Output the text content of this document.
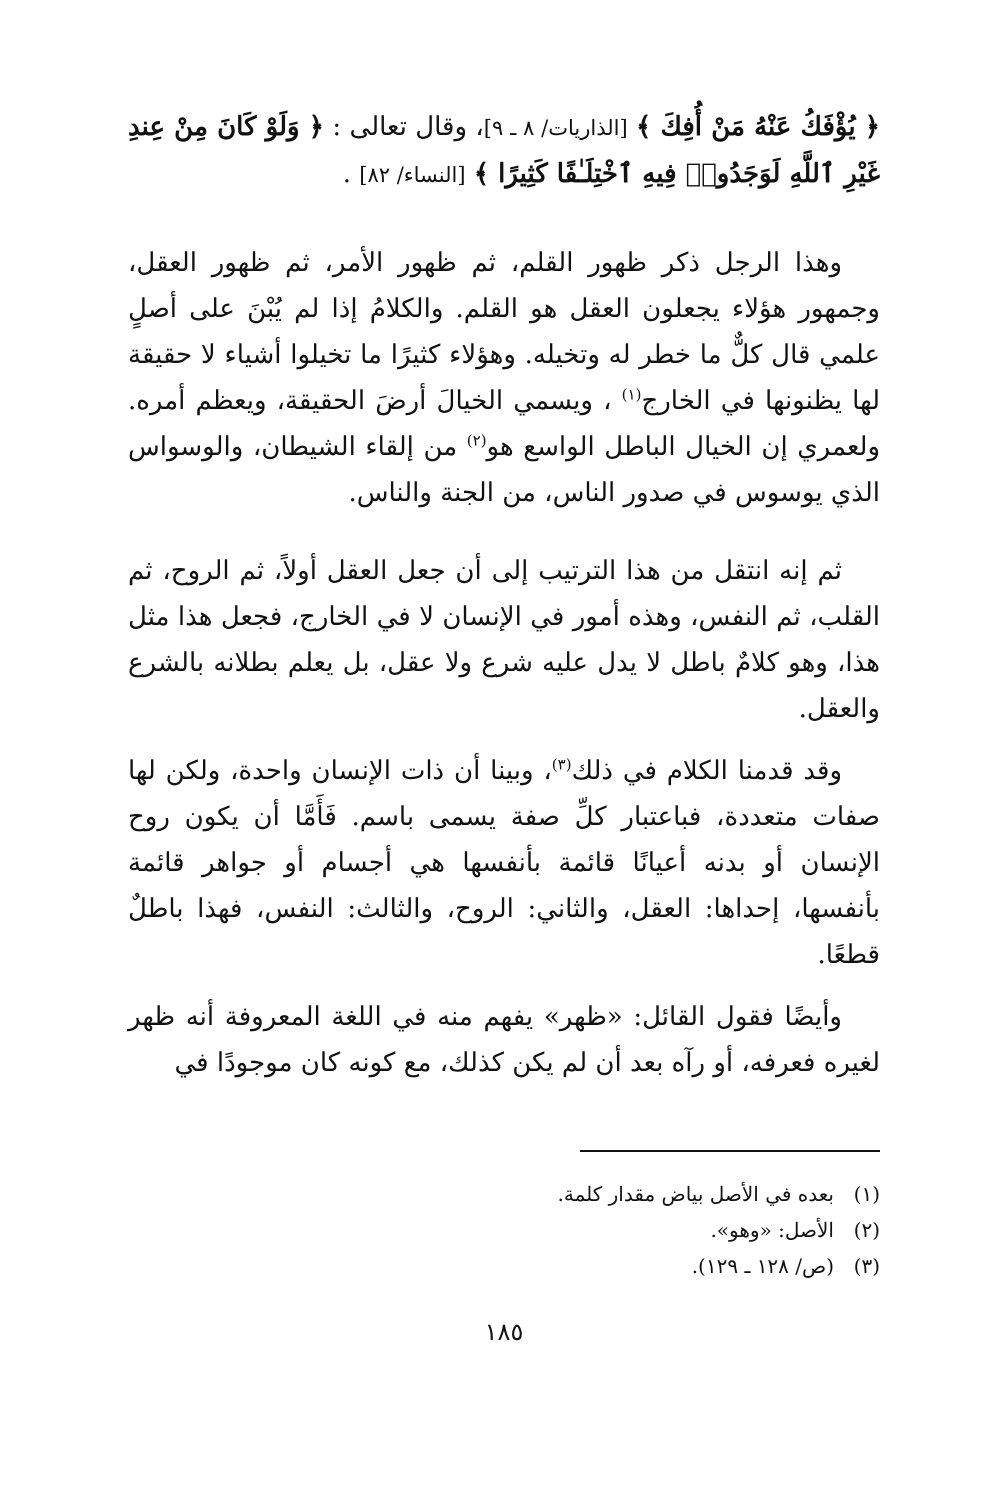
﴿ يُؤْفَكُ عَنْهُ مَنْ أُفِكَ ﴾ [الذاريات/ ٨ ـ ٩]، وقال تعالى : ﴿ وَلَوْ كَانَ مِنْ عِندِ غَيْرِ ٱللَّهِ لَوَجَدُوا۟ فِيهِ ٱخْتِلَـٰفًا كَثِيرًا ﴾ [النساء/ ٨٢] .

وهذا الرجل ذكر ظهور القلم، ثم ظهور الأمر، ثم ظهور العقل، وجمهور هؤلاء يجعلون العقل هو القلم. والكلامُ إذا لم يُبْنَ على أصلٍ علمي قال كلٌّ ما خطر له وتخيله. وهؤلاء كثيرًا ما تخيلوا أشياء لا حقيقة لها يظنونها في الخارج$^{(١)}$ ، ويسمي الخيالَ أرضَ الحقيقة، ويعظم أمره. ولعمري إن الخيال الباطل الواسع هو$^{(٢)}$ من إلقاء الشيطان، والوسواس الذي يوسوس في صدور الناس، من الجنة والناس.

ثم إنه انتقل من هذا الترتيب إلى أن جعل العقل أولاً، ثم الروح، ثم القلب، ثم النفس، وهذه أمور في الإنسان لا في الخارج، فجعل هذا مثل هذا، وهو كلامٌ باطل لا يدل عليه شرع ولا عقل، بل يعلم بطلانه بالشرع والعقل.

وقد قدمنا الكلام في ذلك$^{(٣)}$، وبينا أن ذات الإنسان واحدة، ولكن لها صفات متعددة، فباعتبار كلِّ صفة يسمى باسم. فَأَمَّا أن يكون روح الإنسان أو بدنه أعيانًا قائمة بأنفسها هي أجسام أو جواهر قائمة بأنفسها، إحداها: العقل، والثاني: الروح، والثالث: النفس، فهذا باطلٌ قطعًا.

وأيضًا فقول القائل: «ظهر» يفهم منه في اللغة المعروفة أنه ظهر لغيره فعرفه، أو رآه بعد أن لم يكن كذلك، مع كونه كان موجودًا في

(١)
بعده في الأصل بياض مقدار كلمة.

(٢)
الأصل: «وهو».

(٣)
(ص/ ١٢٨ ـ ١٢٩).

١٨٥
